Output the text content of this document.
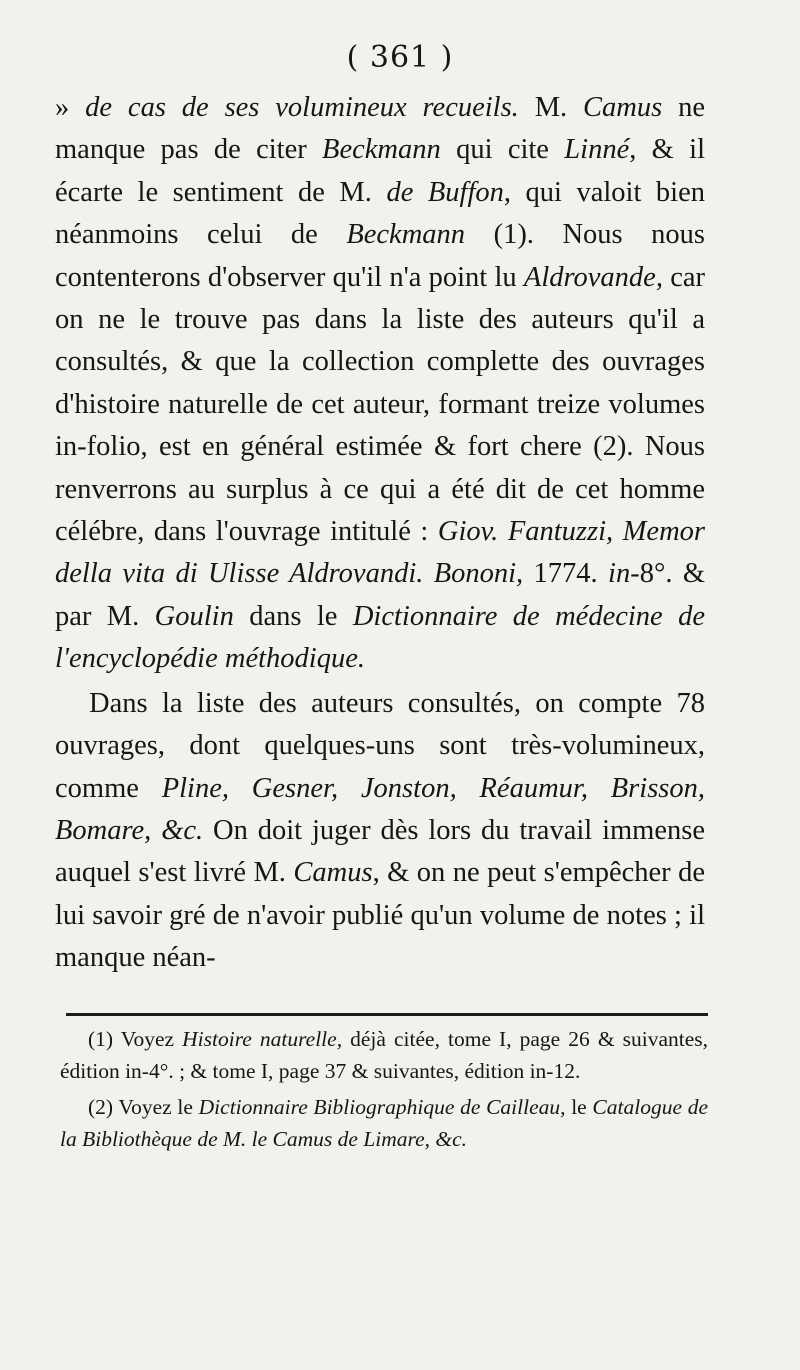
( 361 )

» de cas de ses volumineux recueils. M. Camus ne manque pas de citer Beckmann qui cite Linné, & il écarte le sentiment de M. de Buffon, qui valoit bien néanmoins celui de Beckmann (1). Nous nous contenterons d'observer qu'il n'a point lu Aldrovande, car on ne le trouve pas dans la liste des auteurs qu'il a consultés, & que la collection complette des ouvrages d'histoire naturelle de cet auteur, formant treize volumes in-folio, est en général estimée & fort chere (2). Nous renverrons au surplus à ce qui a été dit de cet homme célébre, dans l'ouvrage intitulé : Giov. Fantuzzi, Memor della vita di Ulisse Aldrovandi. Bononi, 1774. in-8°. & par M. Goulin dans le Dictionnaire de médecine de l'encyclopédie méthodique.

Dans la liste des auteurs consultés, on compte 78 ouvrages, dont quelques-uns sont très-volumineux, comme Pline, Gesner, Jonston, Réaumur, Brisson, Bomare, &c. On doit juger dès lors du travail immense auquel s'est livré M. Camus, & on ne peut s'empêcher de lui savoir gré de n'avoir publié qu'un volume de notes ; il manque néan-

(1) Voyez Histoire naturelle, déjà citée, tome I, page 26 & suivantes, édition in-4°. ; & tome I, page 37 & suivantes, édition in-12.

(2) Voyez le Dictionnaire Bibliographique de Cailleau, le Catalogue de la Bibliothèque de M. le Camus de Limare, &c.
